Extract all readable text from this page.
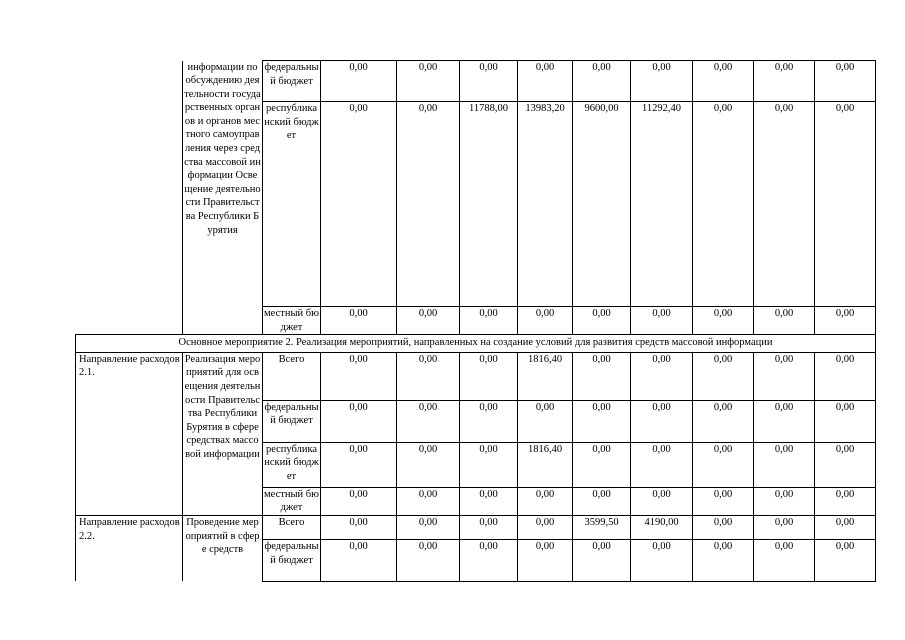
	информации по обсуждению деятельности государственных органов и органов местного самоуправления через средства массовой информации Освещение деятельности Правительства Республики Бурятия	федеральный бюджет	0,00	0,00	0,00	0,00	0,00	0,00	0,00	0,00	0,00
		республиканский бюджет	0,00	0,00	11788,00	13983,20	9600,00	11292,40	0,00	0,00	0,00
		местный бюджет	0,00	0,00	0,00	0,00	0,00	0,00	0,00	0,00	0,00
Основное мероприятие 2. Реализация мероприятий, направленных на создание условий для развития средств массовой информации											
Направление расходов 2.1.	Реализация мероприятий для освещения деятельности Правительства Республики Бурятия в сфере средствах массовой информации	Всего	0,00	0,00	0,00	1816,40	0,00	0,00	0,00	0,00	0,00
		федеральный бюджет	0,00	0,00	0,00	0,00	0,00	0,00	0,00	0,00	0,00
		республиканский бюджет	0,00	0,00	0,00	1816,40	0,00	0,00	0,00	0,00	0,00
		местный бюджет	0,00	0,00	0,00	0,00	0,00	0,00	0,00	0,00	0,00
Направление расходов 2.2.	Проведение мероприятий в сфере средств	Всего	0,00	0,00	0,00	0,00	3599,50	4190,00	0,00	0,00	0,00
		федеральный бюджет	0,00	0,00	0,00	0,00	0,00	0,00	0,00	0,00	0,00
